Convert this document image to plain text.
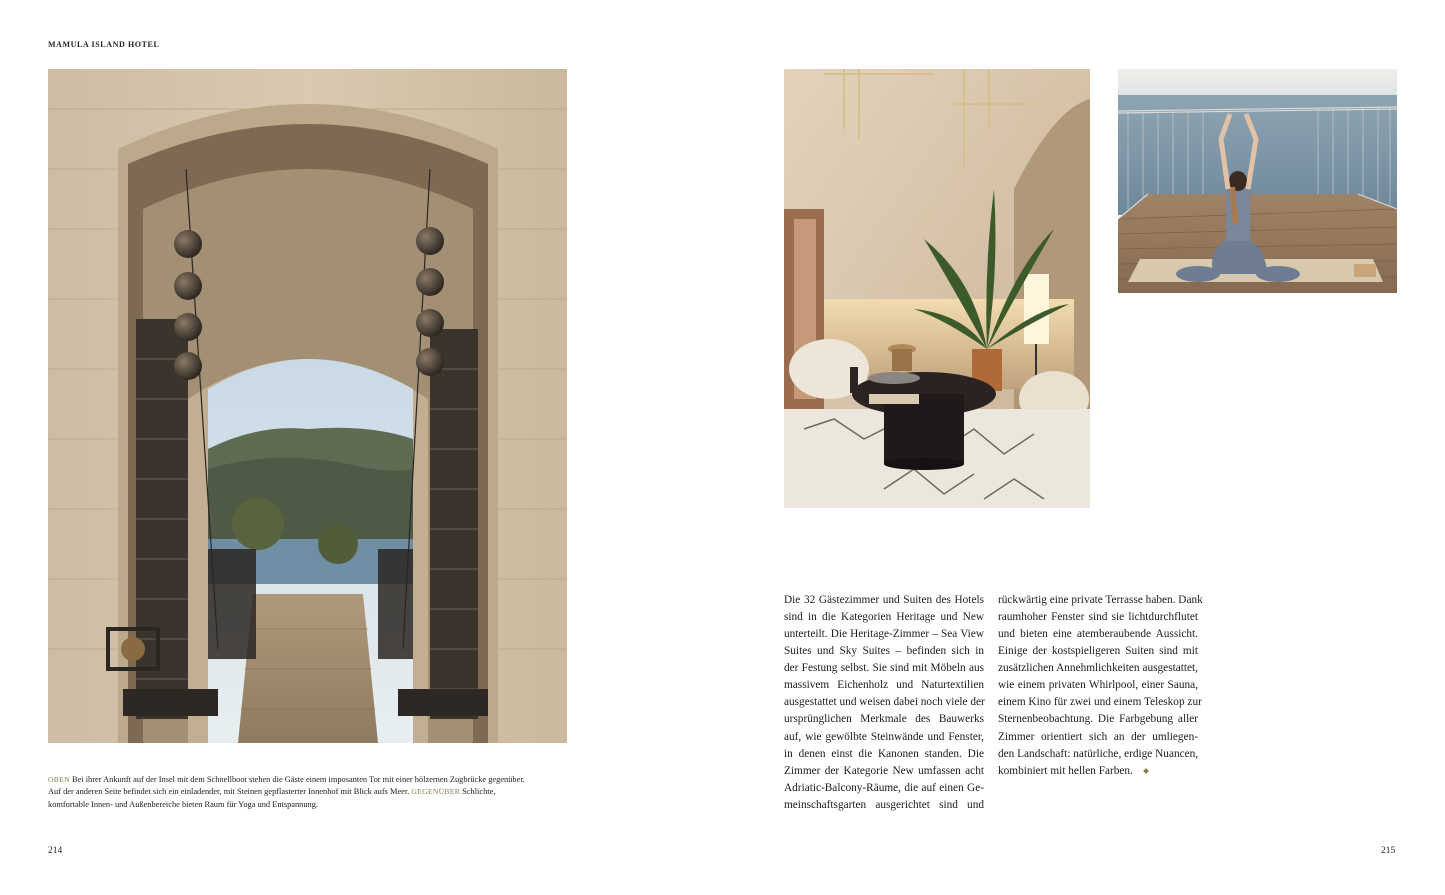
MAMULA ISLAND HOTEL
OBEN Bei ihrer Ankunft auf der Insel mit dem Schnellboot stehen die Gäste einem imposanten Tor mit einer hölzernen Zugbrücke gegenüber. Auf der anderen Seite befindet sich ein einladender, mit Steinen gepflasterter Innenhof mit Blick aufs Meer. GEGENÜBER Schlichte, komfortable Innen- und Außenbereiche bieten Raum für Yoga und Entspannung.
Die 32 Gästezimmer und Suiten des Hotels
sind in die Kategorien Heritage und New
unterteilt. Die Heritage-Zimmer – Sea View
Suites und Sky Suites – befinden sich in
der Festung selbst. Sie sind mit Möbeln aus
massivem Eichenholz und Naturtextilien
ausgestattet und weisen dabei noch viele der
ursprünglichen Merkmale des Bauwerks
auf, wie gewölbte Steinwände und Fenster,
in denen einst die Kanonen standen. Die
Zimmer der Kategorie New umfassen acht
Adriatic-Balcony-Räume, die auf einen Ge-
meinschaftsgarten ausgerichtet sind und
rückwärtig eine private Terrasse haben. Dank
raumhoher Fenster sind sie lichtdurchflutet
und bieten eine atemberaubende Aussicht.
Einige der kostspieligeren Suiten sind mit
zusätzlichen Annehmlichkeiten ausgestattet,
wie einem privaten Whirlpool, einer Sauna,
einem Kino für zwei und einem Teleskop zur
Sternenbeobachtung. Die Farbgebung aller
Zimmer orientiert sich an der umliegen-
den Landschaft: natürliche, erdige Nuancen,
kombiniert mit hellen Farben.
214	215
